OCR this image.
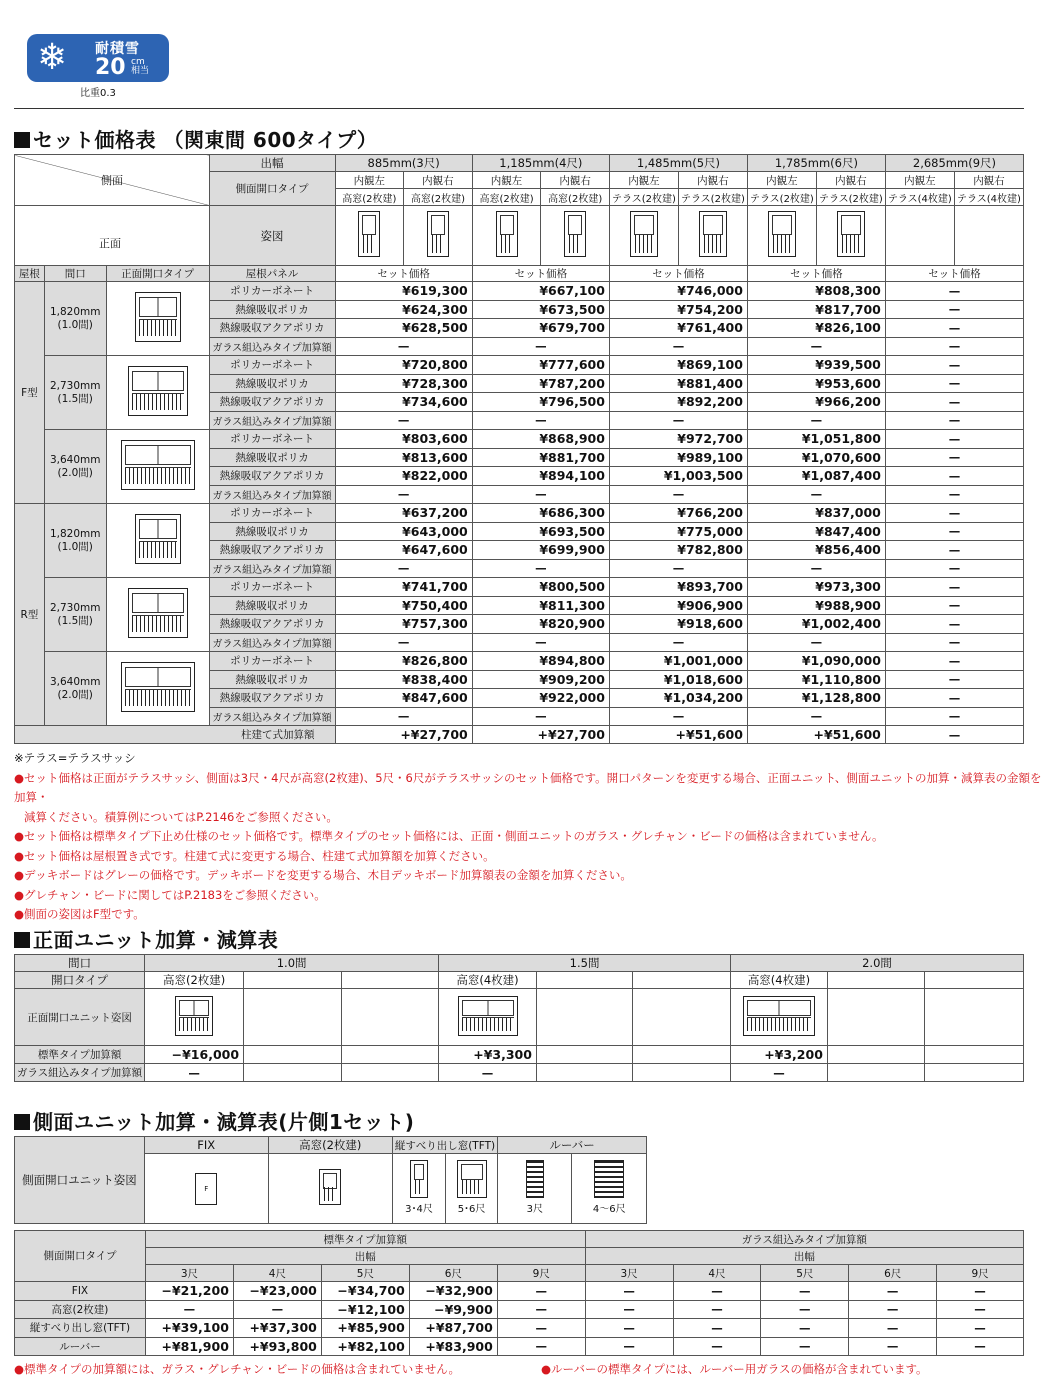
❄ 耐積雪
20 cm
相当
比重0.3
セット価格表 （関東間 600タイプ）
側面
正面			出幅	885mm(3尺)		1,185mm(4尺)		1,485mm(5尺)		1,785mm(6尺)		2,685mm(9尺)	
			側面開口タイプ	内観左	内観右	内観左	内観右	内観左	内観右	内観左	内観右	内観左	内観右
				高窓(2枚建)	高窓(2枚建)	高窓(2枚建)	高窓(2枚建)	テラス(2枚建)	テラス(2枚建)	テラス(2枚建)	テラス(2枚建)	テラス(4枚建)	テラス(4枚建)
			姿図										
屋根	間口	正面開口タイプ	屋根パネル	セット価格		セット価格		セット価格		セット価格		セット価格	
F型	1,820mm
(1.0間)		ポリカーボネート	¥619,300		¥667,100		¥746,000		¥808,300		—	
			熱線吸収ポリカ	¥624,300		¥673,500		¥754,200		¥817,700		—	
			熱線吸収アクアポリカ	¥628,500		¥679,700		¥761,400		¥826,100		—	
			ガラス組込みタイプ加算額	—		—		—		—		—	
	2,730mm
(1.5間)		ポリカーボネート	¥720,800		¥777,600		¥869,100		¥939,500		—	
			熱線吸収ポリカ	¥728,300		¥787,200		¥881,400		¥953,600		—	
			熱線吸収アクアポリカ	¥734,600		¥796,500		¥892,200		¥966,200		—	
			ガラス組込みタイプ加算額	—		—		—		—		—	
	3,640mm
(2.0間)		ポリカーボネート	¥803,600		¥868,900		¥972,700		¥1,051,800		—	
			熱線吸収ポリカ	¥813,600		¥881,700		¥989,100		¥1,070,600		—	
			熱線吸収アクアポリカ	¥822,000		¥894,100		¥1,003,500		¥1,087,400		—	
			ガラス組込みタイプ加算額	—		—		—		—		—	
R型	1,820mm
(1.0間)		ポリカーボネート	¥637,200		¥686,300		¥766,200		¥837,000		—	
			熱線吸収ポリカ	¥643,000		¥693,500		¥775,000		¥847,400		—	
			熱線吸収アクアポリカ	¥647,600		¥699,900		¥782,800		¥856,400		—	
			ガラス組込みタイプ加算額	—		—		—		—		—	
	2,730mm
(1.5間)		ポリカーボネート	¥741,700		¥800,500		¥893,700		¥973,300		—	
			熱線吸収ポリカ	¥750,400		¥811,300		¥906,900		¥988,900		—	
			熱線吸収アクアポリカ	¥757,300		¥820,900		¥918,600		¥1,002,400		—	
			ガラス組込みタイプ加算額	—		—		—		—		—	
	3,640mm
(2.0間)		ポリカーボネート	¥826,800		¥894,800		¥1,001,000		¥1,090,000		—	
			熱線吸収ポリカ	¥838,400		¥909,200		¥1,018,600		¥1,110,800		—	
			熱線吸収アクアポリカ	¥847,600		¥922,000		¥1,034,200		¥1,128,800		—	
			ガラス組込みタイプ加算額	—		—		—		—		—	
柱建て式加算額				+¥27,700		+¥27,700		+¥51,600		+¥51,600		—	
※テラス=テラスサッシ
●セット価格は正面がテラスサッシ、側面は3尺・4尺が高窓(2枚建)、5尺・6尺がテラスサッシのセット価格です。開口パターンを変更する場合、正面ユニット、側面ユニットの加算・減算表の金額を加算・
減算ください。積算例についてはP.2146をご参照ください。
●セット価格は標準タイプ下止め仕様のセット価格です。標準タイプのセット価格には、正面・側面ユニットのガラス・グレチャン・ビードの価格は含まれていません。
●セット価格は屋根置き式です。柱建て式に変更する場合、柱建て式加算額を加算ください。
●デッキボードはグレーの価格です。デッキボードを変更する場合、木目デッキボード加算額表の金額を加算ください。
●グレチャン・ビードに関してはP.2183をご参照ください。
●側面の姿図はF型です。
正面ユニット加算・減算表
間口	1.0間			1.5間			2.0間		
開口タイプ	高窓(2枚建)			高窓(4枚建)			高窓(4枚建)		
正面開口ユニット姿図									
標準タイプ加算額	−¥16,000			+¥3,300			+¥3,200		
ガラス組込みタイプ加算額	—			—			—		
側面ユニット加算・減算表(片側1セット)
側面開口ユニット姿図	FIX	高窓(2枚建)	縦すべり出し窓(TFT)		ルーバー	
	F		3･4尺	5･6尺	3尺	4〜6尺
側面開口タイプ	標準タイプ加算額					ガラス組込みタイプ加算額				
	出幅					出幅				
	3尺	4尺	5尺	6尺	9尺	3尺	4尺	5尺	6尺	9尺
FIX	−¥21,200	−¥23,000	−¥34,700	−¥32,900	—	—	—	—	—	—
高窓(2枚建)	—	—	−¥12,100	−¥9,900	—	—	—	—	—	—
縦すべり出し窓(TFT)	+¥39,100	+¥37,300	+¥85,900	+¥87,700	—	—	—	—	—	—
ルーバー	+¥81,900	+¥93,800	+¥82,100	+¥83,900	—	—	—	—	—	—
●標準タイプの加算額には、ガラス・グレチャン・ビードの価格は含まれていません。	●ルーバーの標準タイプには、ルーバー用ガラスの価格が含まれています。
